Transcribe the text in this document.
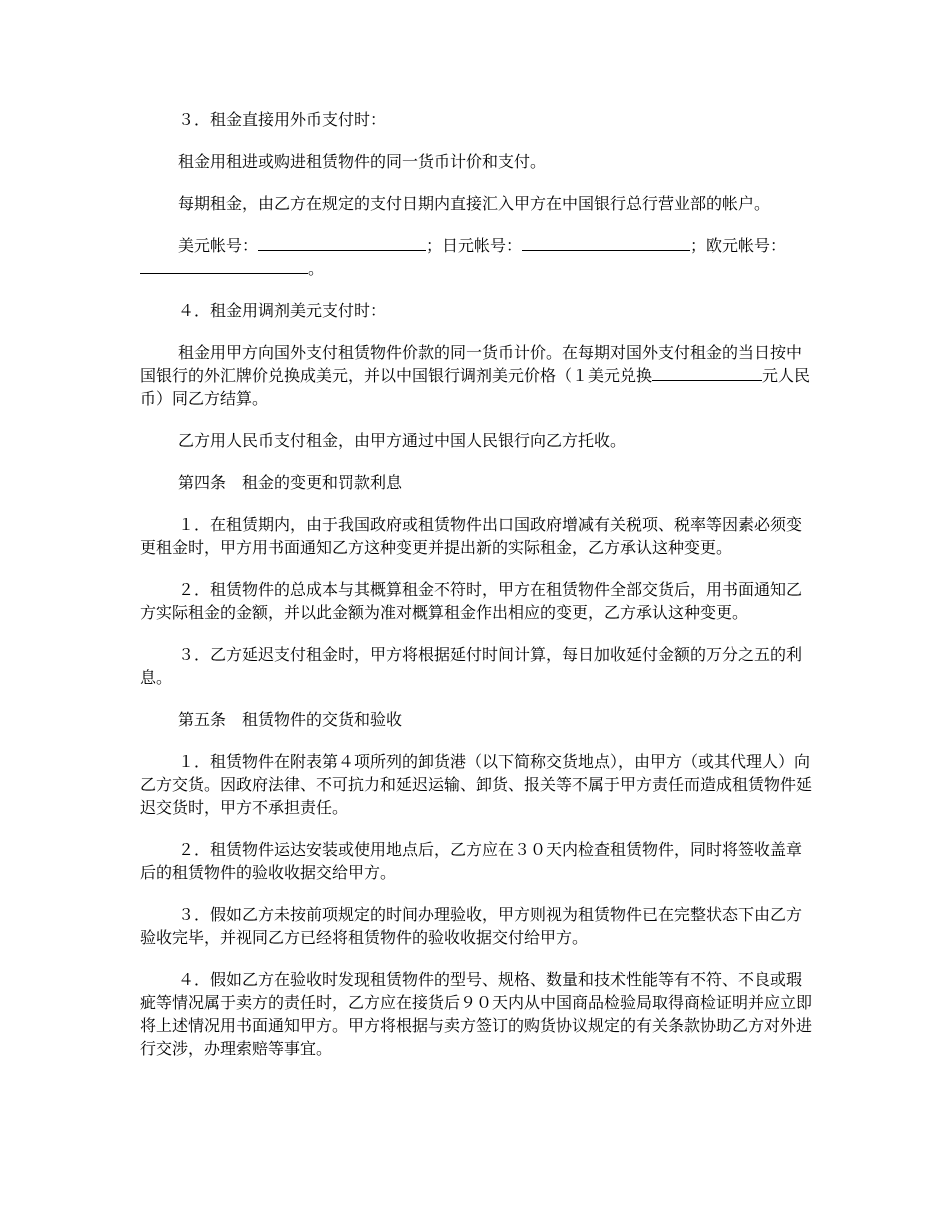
３．租金直接用外币支付时：

租金用租进或购进租赁物件的同一货币计价和支付。

每期租金，由乙方在规定的支付日期内直接汇入甲方在中国银行总行营业部的帐户。

美元帐号：	；日元帐号：	；欧元帐号：。

４．租金用调剂美元支付时：

租金用甲方向国外支付租赁物件价款的同一货币计价。在每期对国外支付租金的当日按中国银行的外汇牌价兑换成美元，并以中国银行调剂美元价格（１美元兑换	元人民币）同乙方结算。

乙方用人民币支付租金，由甲方通过中国人民银行向乙方托收。

第四条　租金的变更和罚款利息

１．在租赁期内，由于我国政府或租赁物件出口国政府增减有关税项、税率等因素必须变更租金时，甲方用书面通知乙方这种变更并提出新的实际租金，乙方承认这种变更。

２．租赁物件的总成本与其概算租金不符时，甲方在租赁物件全部交货后，用书面通知乙方实际租金的金额，并以此金额为准对概算租金作出相应的变更，乙方承认这种变更。

３．乙方延迟支付租金时，甲方将根据延付时间计算，每日加收延付金额的万分之五的利息。

第五条　租赁物件的交货和验收

１．租赁物件在附表第４项所列的卸货港（以下简称交货地点），由甲方（或其代理人）向乙方交货。因政府法律、不可抗力和延迟运输、卸货、报关等不属于甲方责任而造成租赁物件延迟交货时，甲方不承担责任。

２．租赁物件运达安装或使用地点后，乙方应在３０天内检查租赁物件，同时将签收盖章后的租赁物件的验收收据交给甲方。

３．假如乙方未按前项规定的时间办理验收，甲方则视为租赁物件已在完整状态下由乙方验收完毕，并视同乙方已经将租赁物件的验收收据交付给甲方。

４．假如乙方在验收时发现租赁物件的型号、规格、数量和技术性能等有不符、不良或瑕疵等情况属于卖方的责任时，乙方应在接货后９０天内从中国商品检验局取得商检证明并应立即将上述情况用书面通知甲方。甲方将根据与卖方签订的购货协议规定的有关条款协助乙方对外进行交涉，办理索赔等事宜。
